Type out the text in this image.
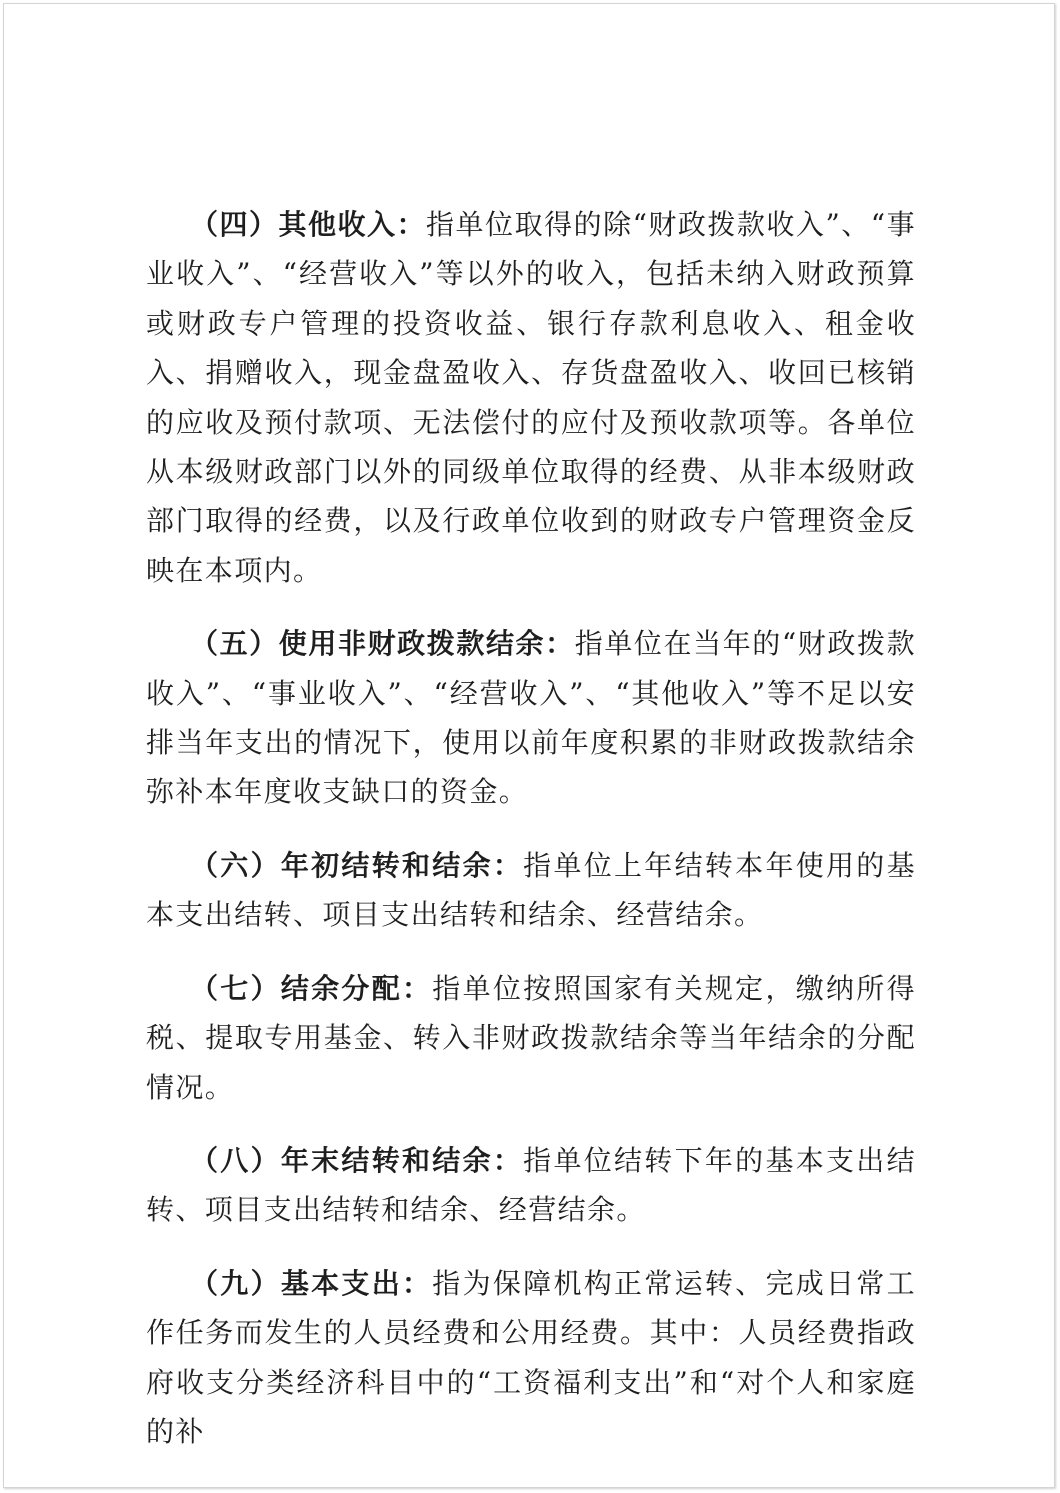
（四）其他收入：指单位取得的除“财政拨款收入”、“事业收入”、“经营收入”等以外的收入，包括未纳入财政预算或财政专户管理的投资收益、银行存款利息收入、租金收入、捐赠收入，现金盘盈收入、存货盘盈收入、收回已核销的应收及预付款项、无法偿付的应付及预收款项等。各单位从本级财政部门以外的同级单位取得的经费、从非本级财政部门取得的经费，以及行政单位收到的财政专户管理资金反映在本项内。

（五）使用非财政拨款结余：指单位在当年的“财政拨款收入”、“事业收入”、“经营收入”、“其他收入”等不足以安排当年支出的情况下，使用以前年度积累的非财政拨款结余弥补本年度收支缺口的资金。

（六）年初结转和结余：指单位上年结转本年使用的基本支出结转、项目支出结转和结余、经营结余。

（七）结余分配：指单位按照国家有关规定，缴纳所得税、提取专用基金、转入非财政拨款结余等当年结余的分配情况。

（八）年末结转和结余：指单位结转下年的基本支出结转、项目支出结转和结余、经营结余。

（九）基本支出：指为保障机构正常运转、完成日常工作任务而发生的人员经费和公用经费。其中：人员经费指政府收支分类经济科目中的“工资福利支出”和“对个人和家庭的补
